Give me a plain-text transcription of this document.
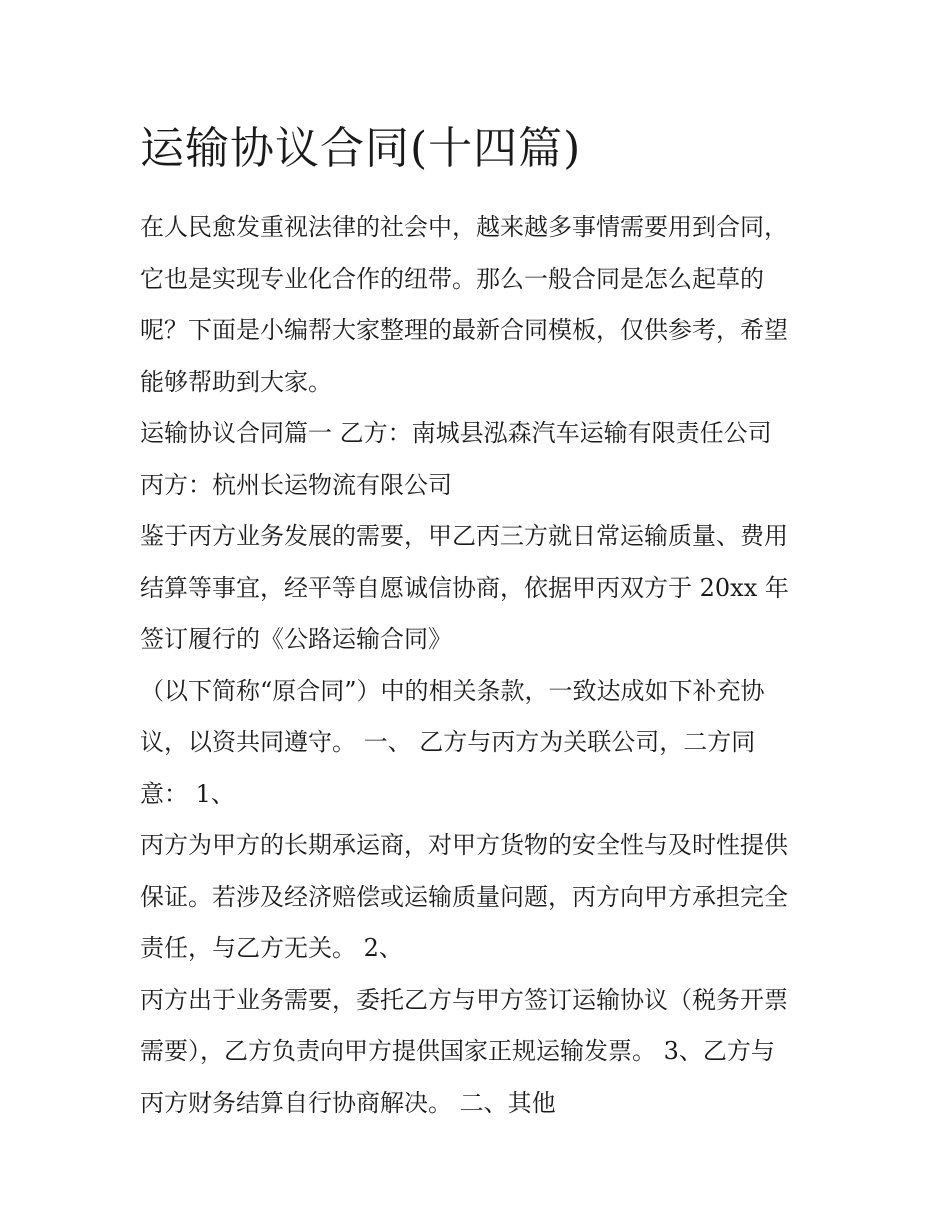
运输协议合同(十四篇)
在人民愈发重视法律的社会中，越来越多事情需要用到合同，
它也是实现专业化合作的纽带。那么一般合同是怎么起草的
呢？下面是小编帮大家整理的最新合同模板，仅供参考，希望
能够帮助到大家。
运输协议合同篇一 乙方：南城县泓森汽车运输有限责任公司
丙方：杭州长运物流有限公司
鉴于丙方业务发展的需要，甲乙丙三方就日常运输质量、费用
结算等事宜，经平等自愿诚信协商，依据甲丙双方于 20xx 年
签订履行的《公路运输合同》
（以下简称“原合同”）中的相关条款，一致达成如下补充协
议，以资共同遵守。 一、 乙方与丙方为关联公司，二方同
意： 1、
丙方为甲方的长期承运商，对甲方货物的安全性与及时性提供
保证。若涉及经济赔偿或运输质量问题，丙方向甲方承担完全
责任，与乙方无关。 2、
丙方出于业务需要，委托乙方与甲方签订运输协议（税务开票
需要），乙方负责向甲方提供国家正规运输发票。 3、乙方与
丙方财务结算自行协商解决。 二、其他
